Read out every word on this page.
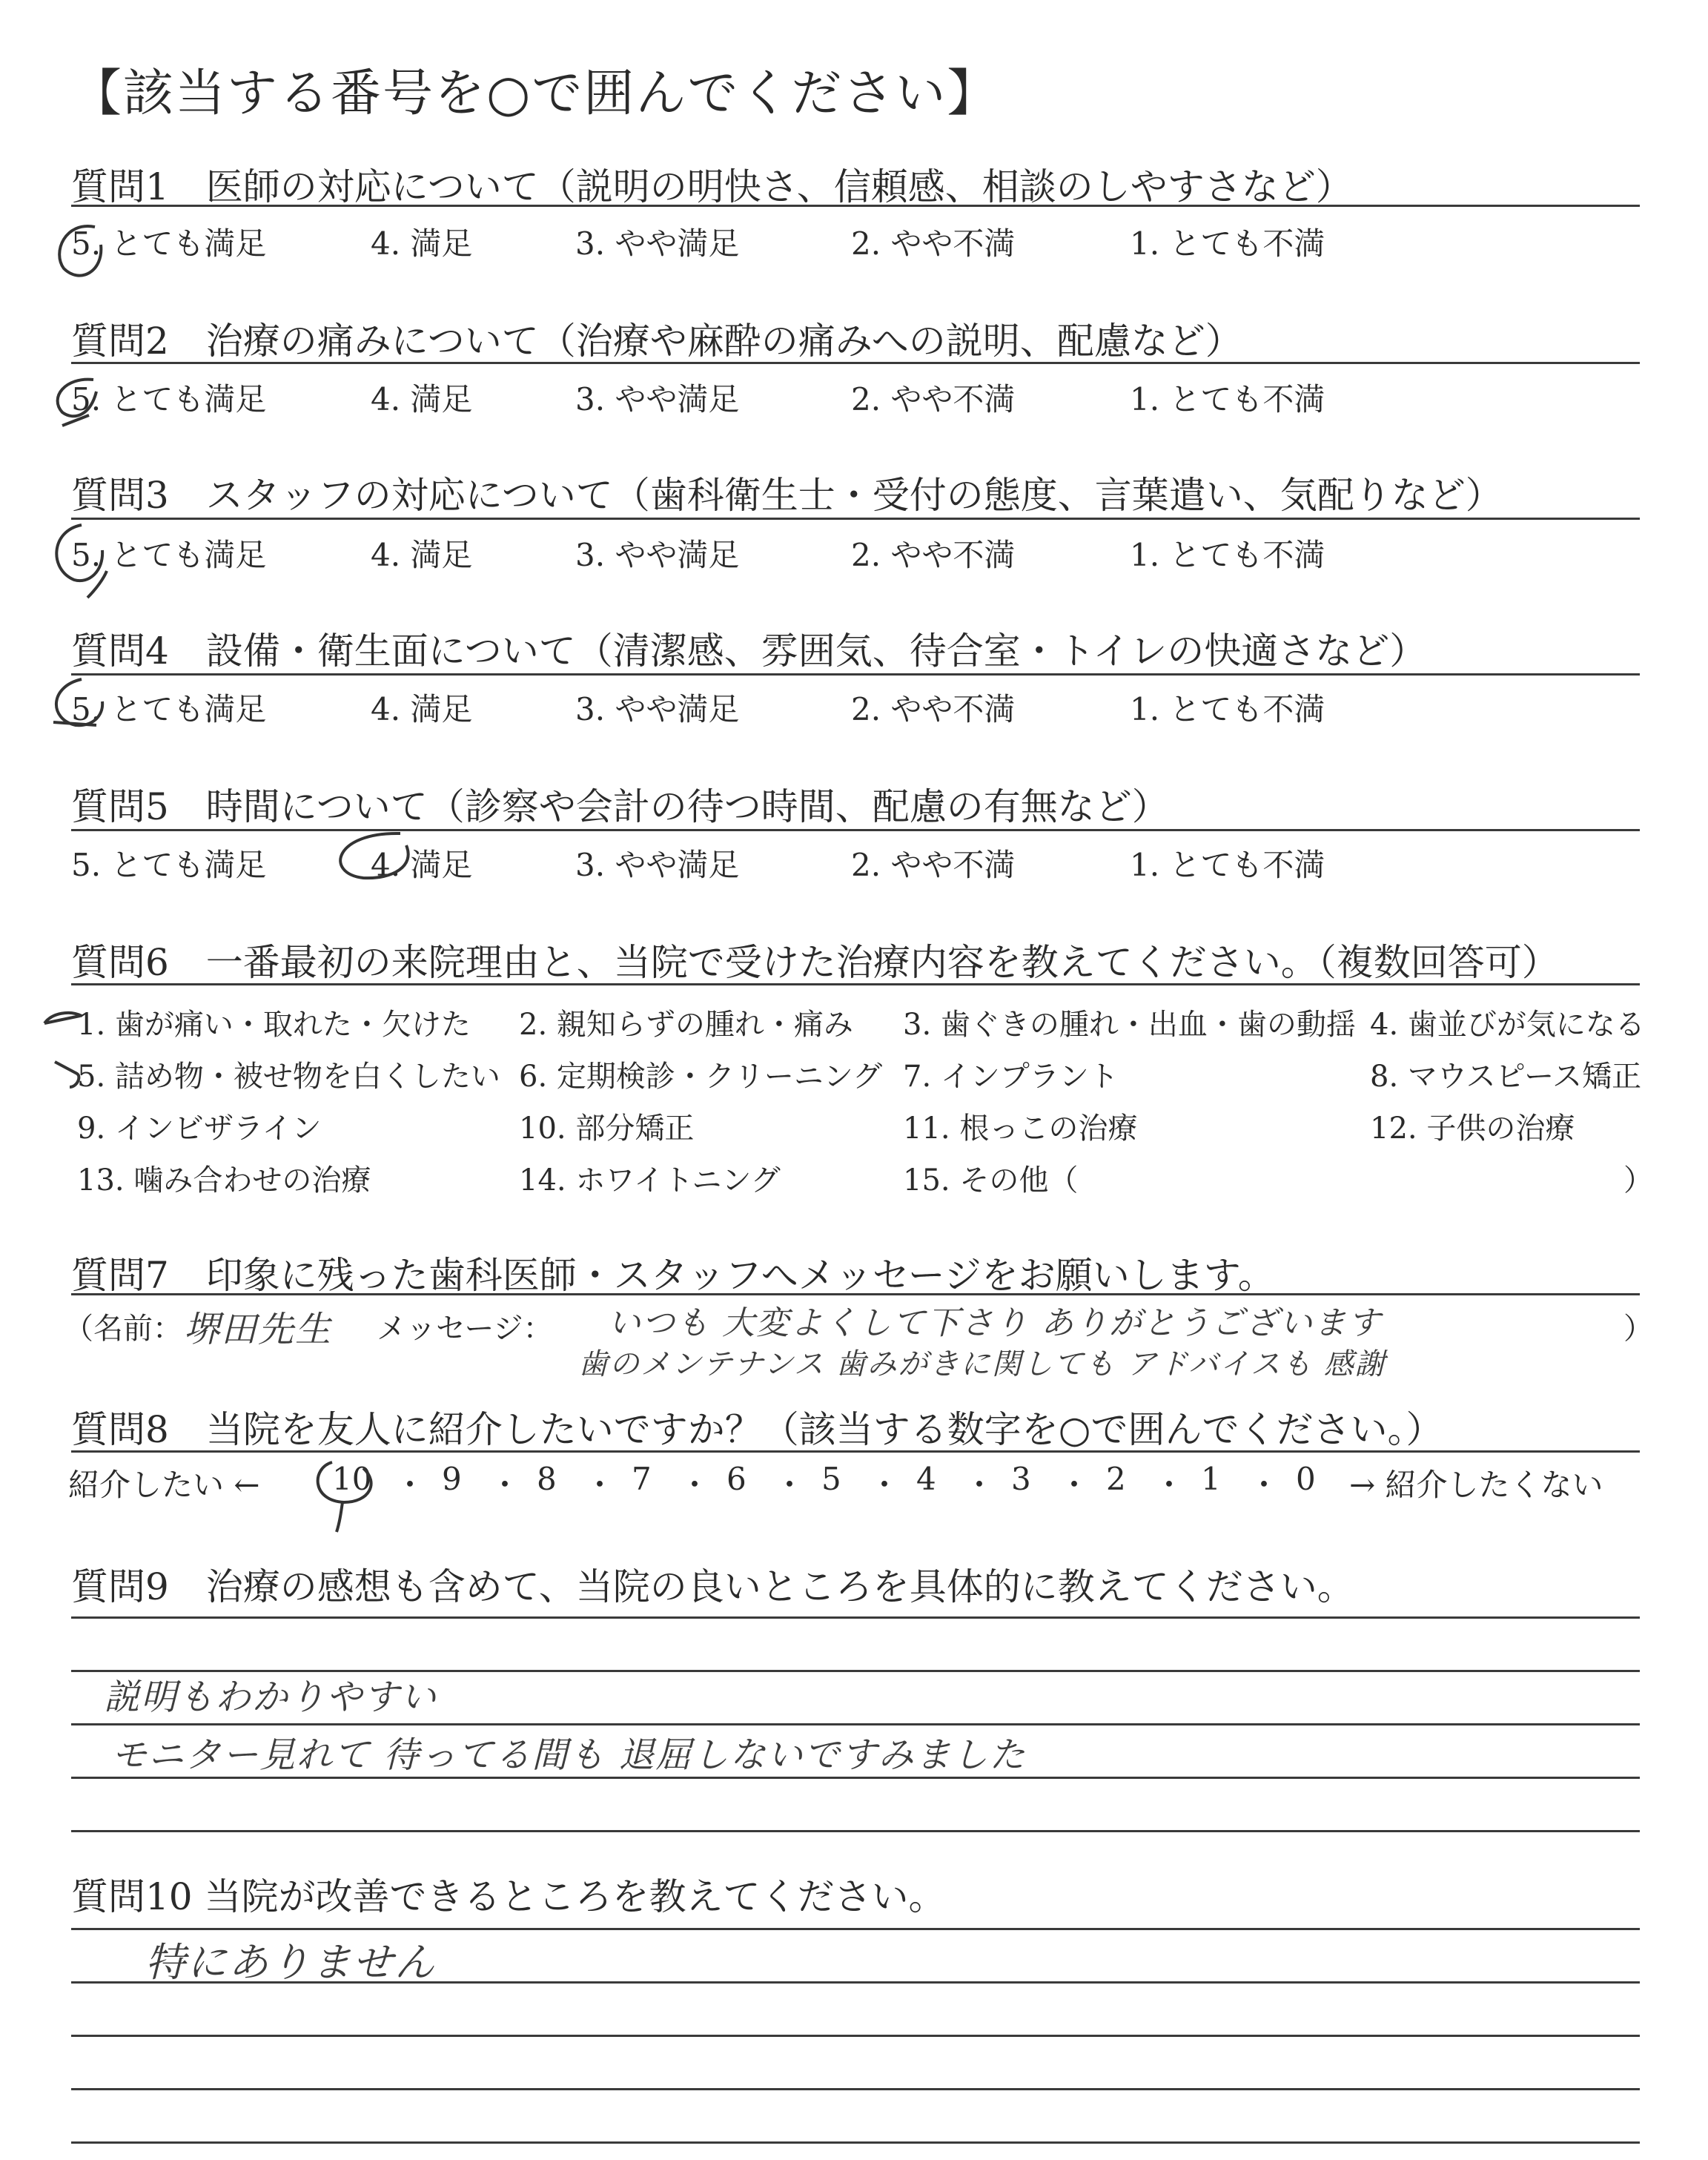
【該当する番号を○で囲んでください】
質問1　医師の対応について（説明の明快さ、信頼感、相談のしやすさなど）
5. とても満足	4. 満足	3. やや満足	2. やや不満	1. とても不満
質問2　治療の痛みについて（治療や麻酔の痛みへの説明、配慮など）
5. とても満足	4. 満足	3. やや満足	2. やや不満	1. とても不満
質問3　スタッフの対応について（歯科衛生士・受付の態度、言葉遣い、気配りなど）
5. とても満足	4. 満足	3. やや満足	2. やや不満	1. とても不満
質問4　設備・衛生面について（清潔感、雰囲気、待合室・トイレの快適さなど）
5. とても満足	4. 満足	3. やや満足	2. やや不満	1. とても不満
質問5　時間について（診察や会計の待つ時間、配慮の有無など）
5. とても満足	4. 満足	3. やや満足	2. やや不満	1. とても不満
質問6　一番最初の来院理由と、当院で受けた治療内容を教えてください。（複数回答可）
1. 歯が痛い・取れた・欠けた 2. 親知らずの腫れ・痛み 3. 歯ぐきの腫れ・出血・歯の動揺 4. 歯並びが気になる
5. 詰め物・被せ物を白くしたい 6. 定期検診・クリーニング 7. インプラント	8. マウスピース矯正
9. インビザライン	10. 部分矯正	11. 根っこの治療	12. 子供の治療
13. 噛み合わせの治療	14. ホワイトニング	15. その他（	）
質問7　印象に残った歯科医師・スタッフへメッセージをお願いします。
（名前： 堺田先生 メッセージ： いつも 大変よくして下さり ありがとうございます
歯のメンテナンス 歯みがきに関しても アドバイスも 感謝
）
質問8　当院を友人に紹介したいですか？（該当する数字を○で囲んでください。）
紹介したい ← 10 ・ 9 ・ 8 ・ 7 ・ 6 ・ 5 ・ 4 ・ 3 ・ 2 ・ 1 ・ 0 → 紹介したくない
質問9　治療の感想も含めて、当院の良いところを具体的に教えてください。
説明もわかりやすい
モニター見れて 待ってる間も 退屈しないですみました
質問10 当院が改善できるところを教えてください。
特にありません
